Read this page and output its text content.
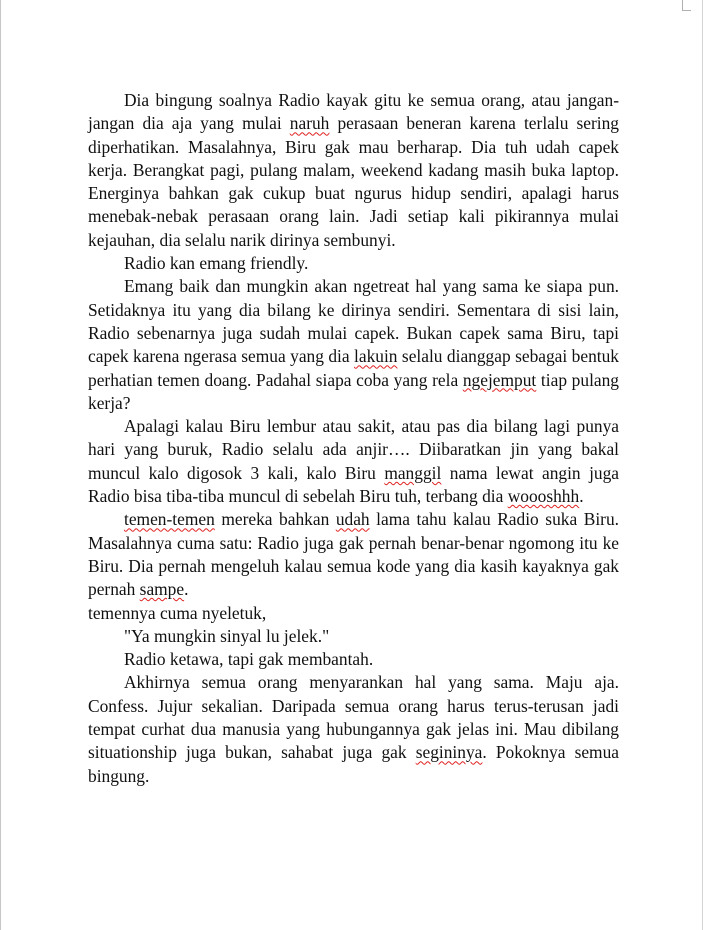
Dia bingung soalnya Radio kayak gitu ke semua orang, atau jangan-jangan dia aja yang mulai naruh perasaan beneran karena terlalu sering diperhatikan. Masalahnya, Biru gak mau berharap. Dia tuh udah capek kerja. Berangkat pagi, pulang malam, weekend kadang masih buka laptop. Energinya bahkan gak cukup buat ngurus hidup sendiri, apalagi harus menebak-nebak perasaan orang lain. Jadi setiap kali pikirannya mulai kejauhan, dia selalu narik dirinya sembunyi.

Radio kan emang friendly.

Emang baik dan mungkin akan ngetreat hal yang sama ke siapa pun. Setidaknya itu yang dia bilang ke dirinya sendiri. Sementara di sisi lain, Radio sebenarnya juga sudah mulai capek. Bukan capek sama Biru, tapi capek karena ngerasa semua yang dia lakuin selalu dianggap sebagai bentuk perhatian temen doang. Padahal siapa coba yang rela ngejemput tiap pulang kerja?

Apalagi kalau Biru lembur atau sakit, atau pas dia bilang lagi punya hari yang buruk, Radio selalu ada anjir…. Diibaratkan jin yang bakal muncul kalo digosok 3 kali, kalo Biru manggil nama lewat angin juga Radio bisa tiba-tiba muncul di sebelah Biru tuh, terbang dia woooshhh.

temen-temen mereka bahkan udah lama tahu kalau Radio suka Biru. Masalahnya cuma satu: Radio juga gak pernah benar-benar ngomong itu ke Biru. Dia pernah mengeluh kalau semua kode yang dia kasih kayaknya gak pernah sampe.
temennya cuma nyeletuk,

"Ya mungkin sinyal lu jelek."

Radio ketawa, tapi gak membantah.

Akhirnya semua orang menyarankan hal yang sama. Maju aja. Confess. Jujur sekalian. Daripada semua orang harus terus-terusan jadi tempat curhat dua manusia yang hubungannya gak jelas ini. Mau dibilang situationship juga bukan, sahabat juga gak segininya. Pokoknya semua bingung.
